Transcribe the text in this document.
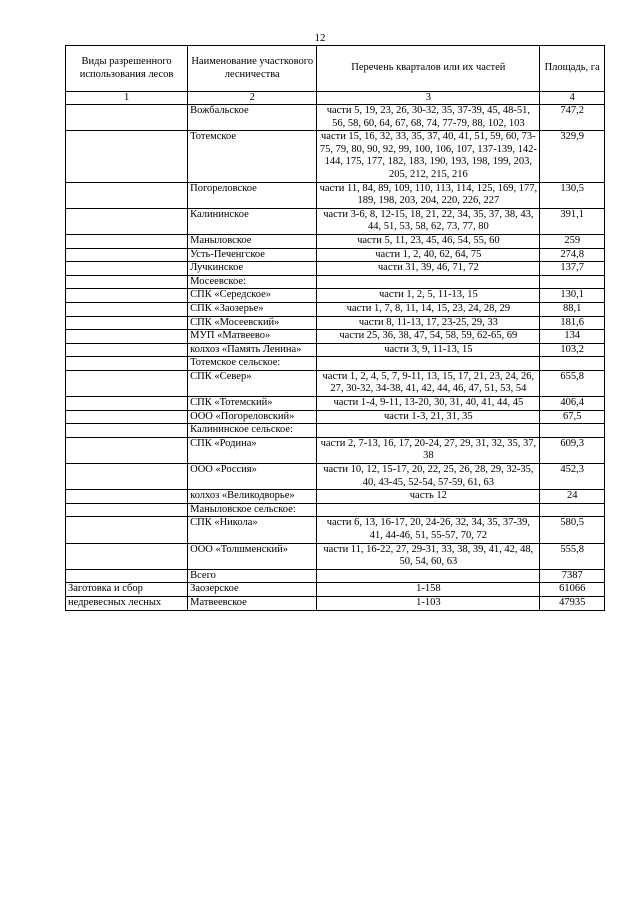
12
Виды разрешенного использования лесов	Наименование участкового лесничества	Перечень кварталов или их частей	Площадь, га
1	2	3	4
	Вожбальское	части 5, 19, 23, 26, 30-32, 35, 37-39, 45, 48-51, 56, 58, 60, 64, 67, 68, 74, 77-79, 88, 102, 103	747,2
	Тотемское	части 15, 16, 32, 33, 35, 37, 40, 41, 51, 59, 60, 73-75, 79, 80, 90, 92, 99, 100, 106, 107, 137-139, 142-144, 175, 177, 182, 183, 190, 193, 198, 199, 203, 205, 212, 215, 216	329,9
	Погореловское	части 11, 84, 89, 109, 110, 113, 114, 125, 169, 177, 189, 198, 203, 204, 220, 226, 227	130,5
	Калининское	части 3-6, 8, 12-15, 18, 21, 22, 34, 35, 37, 38, 43, 44, 51, 53, 58, 62, 73, 77, 80	391,1
	Маныловское	части 5, 11, 23, 45, 46, 54, 55, 60	259
	Усть-Печенгское	части 1, 2, 40, 62, 64, 75	274,8
	Лучкинское	части 31, 39, 46, 71, 72	137,7
	Мосеевское:		
	СПК «Середское»	части 1, 2, 5, 11-13, 15	130,1
	СПК «Заозерье»	части 1, 7, 8, 11, 14, 15, 23, 24, 28, 29	88,1
	СПК «Мосеевский»	части 8, 11-13, 17, 23-25, 29, 33	181,6
	МУП «Матвеево»	части 25, 36, 38, 47, 54, 58, 59, 62-65, 69	134
	колхоз «Память Ленина»	части 3, 9, 11-13, 15	103,2
	Тотемское сельское:		
	СПК «Север»	части 1, 2, 4, 5, 7, 9-11, 13, 15, 17, 21, 23, 24, 26, 27, 30-32, 34-38, 41, 42, 44, 46, 47, 51, 53, 54	655,8
	СПК «Тотемский»	части 1-4, 9-11, 13-20, 30, 31, 40, 41, 44, 45	406,4
	ООО «Погореловский»	части 1-3, 21, 31, 35	67,5
	Калининское сельское:		
	СПК «Родина»	части 2, 7-13, 16, 17, 20-24, 27, 29, 31, 32, 35, 37, 38	609,3
	ООО «Россия»	части 10, 12, 15-17, 20, 22, 25, 26, 28, 29, 32-35, 40, 43-45, 52-54, 57-59, 61, 63	452,3
	колхоз «Великодворье»	часть 12	24
	Маныловское сельское:		
	СПК «Никола»	части 6, 13, 16-17, 20, 24-26, 32, 34, 35, 37-39, 41, 44-46, 51, 55-57, 70, 72	580,5
	ООО «Толшменский»	части 11, 16-22, 27, 29-31, 33, 38, 39, 41, 42, 48, 50, 54, 60, 63	555,8
	Всего		7387
Заготовка и сбор	Заозерское	1-158	61066
недревесных лесных	Матвеевское	1-103	47935
